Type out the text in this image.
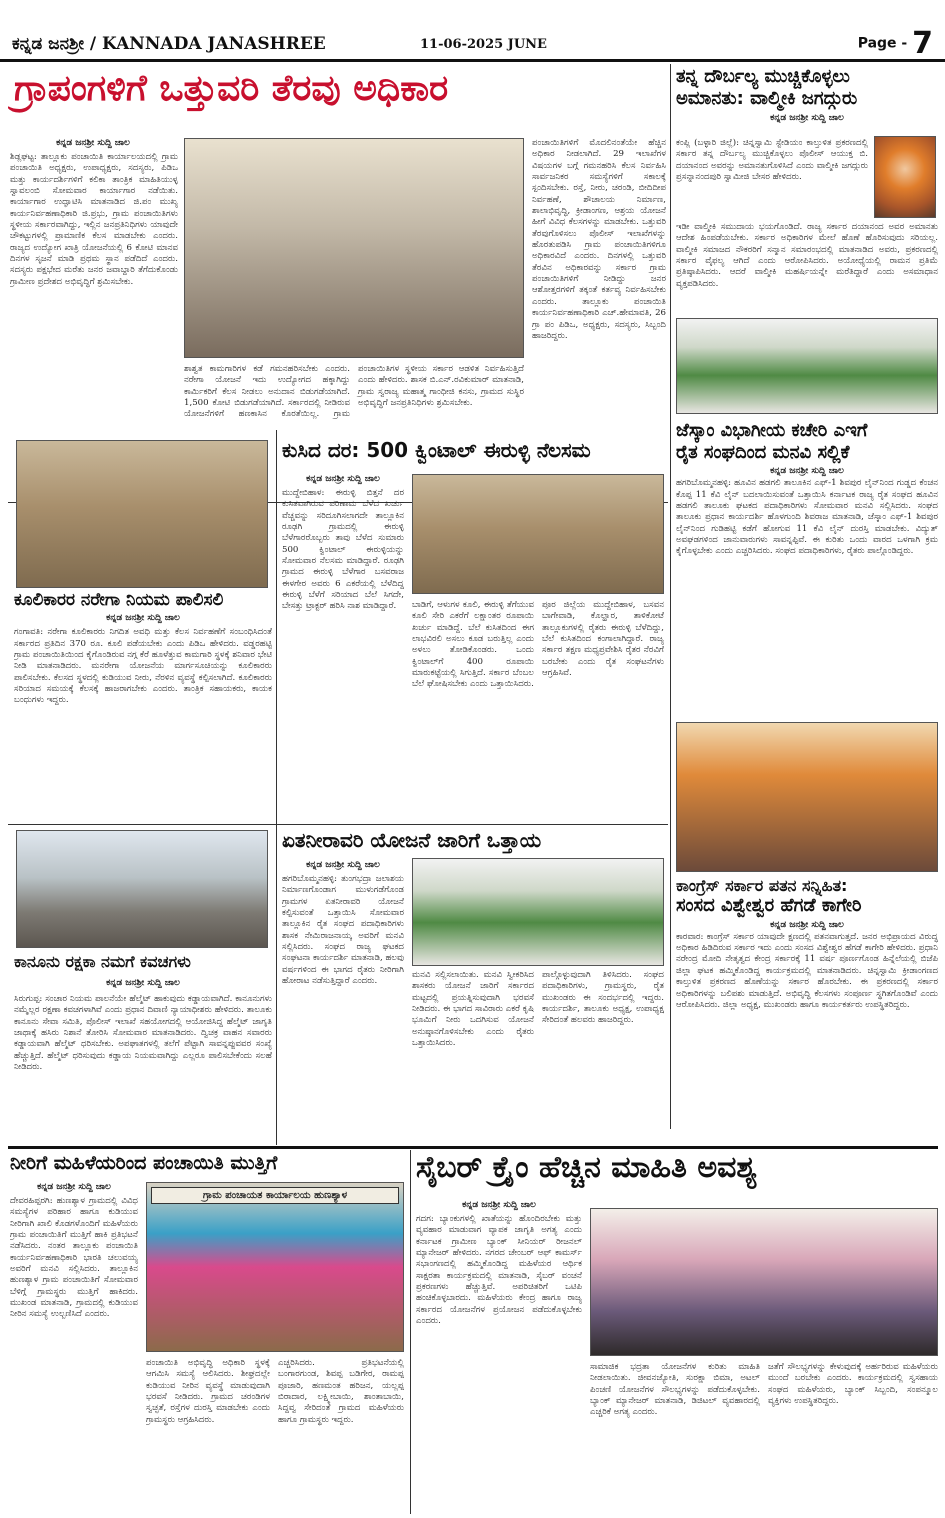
ಕನ್ನಡ ಜನಶ್ರೀ / KANNADA JANASHREE	11-06-2025 JUNE	Page - 7
ಗ್ರಾಪಂಗಳಿಗೆ ಒತ್ತುವರಿ ತೆರವು ಅಧಿಕಾರ
ಕನ್ನಡ ಜನಶ್ರೀ ಸುದ್ದಿ ಜಾಲ
ಶಿಡ್ಲಘಟ್ಟ: ತಾಲ್ಲೂಕು ಪಂಚಾಯಿತಿ ಕಾರ್ಯಾಲಯದಲ್ಲಿ ಗ್ರಾಮ ಪಂಚಾಯಿತಿ ಅಧ್ಯಕ್ಷರು, ಉಪಾಧ್ಯಕ್ಷರು, ಸದಸ್ಯರು, ಪಿಡಿಒ ಮತ್ತು ಕಾರ್ಯದರ್ಶಿಗಳಿಗೆ ಕಲಿಕಾ ತಾಂತ್ರಿಕ ಮಾಹಿತಿಯುಳ್ಳ ಸ್ವಾವಲಂಬಿ ಸೋಮವಾರ ಕಾರ್ಯಾಗಾರ ನಡೆಯಿತು. ಕಾರ್ಯಾಗಾರ ಉದ್ಘಾಟಿಸಿ ಮಾತನಾಡಿದ ಜಿ.ಪಂ ಮುಖ್ಯ ಕಾರ್ಯನಿರ್ವಹಣಾಧಿಕಾರಿ ಜಿ.ಪ್ರಭು, ಗ್ರಾಮ ಪಂಚಾಯಿತಿಗಳು ಸ್ಥಳೀಯ ಸರ್ಕಾರವಾಗಿದ್ದು, ಇಲ್ಲಿನ ಜನಪ್ರತಿನಿಧಿಗಳು ಯಾವುದೇ ಚೌಕಟ್ಟುಗಳಲ್ಲಿ ಪ್ರಾಮಾಣಿಕ ಕೆಲಸ ಮಾಡಬೇಕು ಎಂದರು. ರಾಜ್ಯದ ಉದ್ಯೋಗ ಖಾತ್ರಿ ಯೋಜನೆಯಲ್ಲಿ 6 ಕೋಟಿ ಮಾನವ ದಿನಗಳ ಸೃಜನೆ ಮಾಡಿ ಪ್ರಥಮ ಸ್ಥಾನ ಪಡೆದಿದೆ ಎಂದರು. ಸದಸ್ಯರು ಪಕ್ಷಭೇದ ಮರೆತು ಜನರ ಜವಾಬ್ದಾರಿ ತೆಗೆದುಕೊಂಡು ಗ್ರಾಮೀಣ ಪ್ರದೇಶದ ಅಭಿವೃದ್ಧಿಗೆ ಶ್ರಮಿಸಬೇಕು.
ಶಾಶ್ವತ ಕಾಮಗಾರಿಗಳ ಕಡೆ ಗಮನಹರಿಸಬೇಕು ಎಂದರು. ನರೇಗಾ ಯೋಜನೆ ಇದು ಉದ್ಯೋಗದ ಹಕ್ಕಾಗಿದ್ದು ಕಾರ್ಮಿಕರಿಗೆ ಕೆಲಸ ನೀಡಲು ಅನುದಾನ ಬಿಡುಗಡೆಯಾಗಿದೆ. 1,500 ಕೋಟಿ ಬಿಡುಗಡೆಯಾಗಿದೆ. ಸರ್ಕಾರದಲ್ಲಿ ನೀಡಿರುವ ಯೋಜನೆಗಳಿಗೆ ಹಣಕಾಸಿನ ಕೊರತೆಯಿಲ್ಲ. ಗ್ರಾಮ ಪಂಚಾಯಿತಿಗಳ ಸ್ಥಳೀಯ ಸರ್ಕಾರ ಆಡಳಿತ ನಿರ್ವಹಿಸುತ್ತಿದೆ ಎಂದು ಹೇಳಿದರು. ಶಾಸಕ ಬಿ.ಎನ್.ರವಿಕುಮಾರ್ ಮಾತನಾಡಿ, ಗ್ರಾಮ ಸ್ವರಾಜ್ಯ ಮಹಾತ್ಮ ಗಾಂಧೀಜಿ ಕನಸು, ಗ್ರಾಮದ ಸುಸ್ಥಿರ ಅಭಿವೃದ್ಧಿಗೆ ಜನಪ್ರತಿನಿಧಿಗಳು ಶ್ರಮಿಸಬೇಕು.
ಪಂಚಾಯಿತಿಗಳಿಗೆ ಮೊದಲಿನಂತೆಯೇ ಹೆಚ್ಚಿನ ಅಧಿಕಾರ ನೀಡಲಾಗಿದೆ. 29 ಇಲಾಖೆಗಳ ವಿಷಯಗಳ ಬಗ್ಗೆ ಗಮನಹರಿಸಿ ಕೆಲಸ ನಿರ್ವಹಿಸಿ ಸಾರ್ವಜನಿಕರ ಸಮಸ್ಯೆಗಳಿಗೆ ಸಕಾಲಕ್ಕೆ ಸ್ಪಂದಿಸಬೇಕು. ರಸ್ತೆ, ನೀರು, ಚರಂಡಿ, ಬೀದಿದೀಪ ನಿರ್ವಹಣೆ, ಶೌಚಾಲಯ ನಿರ್ಮಾಣ, ಶಾಲಾಭಿವೃದ್ಧಿ, ಕ್ರೀಡಾಂಗಣ, ಆಶ್ರಯ ಯೋಜನೆ ಹೀಗೆ ವಿವಿಧ ಕೆಲಸಗಳನ್ನು ಮಾಡಬೇಕು. ಒತ್ತುವರಿ ತೆರವುಗೊಳಿಸಲು ಪೊಲೀಸ್ ಇಲಾಖೆಗಳನ್ನು ಹೊರತುಪಡಿಸಿ ಗ್ರಾಮ ಪಂಚಾಯಿತಿಗಳಿಗೂ ಅಧಿಕಾರವಿದೆ ಎಂದರು. ದಿನಗಳಲ್ಲಿ ಒತ್ತುವರಿ ತೆರವಿನ ಅಧಿಕಾರವನ್ನು ಸರ್ಕಾರ ಗ್ರಾಮ ಪಂಚಾಯಿತಿಗಳಿಗೆ ನೀಡಿದ್ದು ಜನರ ಆಶೋತ್ತರಗಳಿಗೆ ತಕ್ಕಂತೆ ಕರ್ತವ್ಯ ನಿರ್ವಹಿಸಬೇಕು ಎಂದರು. ತಾಲ್ಲೂಕು ಪಂಚಾಯಿತಿ ಕಾರ್ಯನಿರ್ವಹಣಾಧಿಕಾರಿ ಎಚ್.ಹೇಮಾವತಿ, 26 ಗ್ರಾ ಪಂ ಪಿಡಿಒ, ಅಧ್ಯಕ್ಷರು, ಸದಸ್ಯರು, ಸಿಬ್ಬಂದಿ ಹಾಜರಿದ್ದರು.
ತನ್ನ ದೌರ್ಬಲ್ಯ ಮುಚ್ಚಿಕೊಳ್ಳಲು
ಅಮಾನತು: ವಾಲ್ಮೀಕಿ ಜಗದ್ಗುರು
ಕನ್ನಡ ಜನಶ್ರೀ ಸುದ್ದಿ ಜಾಲ
ಕಂಪ್ಲಿ (ಬಳ್ಳಾರಿ ಜಿಲ್ಲೆ): ಚಿನ್ನಸ್ವಾಮಿ ಸ್ಟೇಡಿಯಂ ಕಾಲ್ತುಳಿತ ಪ್ರಕರಣದಲ್ಲಿ ಸರ್ಕಾರ ತನ್ನ ದೌರ್ಬಲ್ಯ ಮುಚ್ಚಿಕೊಳ್ಳಲು ಪೊಲೀಸ್ ಆಯುಕ್ತ ಬಿ. ದಯಾನಂದ ಅವರನ್ನು ಅಮಾನತುಗೊಳಿಸಿದೆ ಎಂದು ವಾಲ್ಮೀಕಿ ಜಗದ್ಗುರು ಪ್ರಸನ್ನಾನಂದಪುರಿ ಸ್ವಾಮೀಜಿ ಬೇಸರ ಹೇಳಿದರು.
ಇಡೀ ವಾಲ್ಮೀಕಿ ಸಮುದಾಯ ಭಯಗೊಂಡಿದೆ. ರಾಜ್ಯ ಸರ್ಕಾರ ದಯಾನಂದ ಅವರ ಅಮಾನತು ಆದೇಶ ಹಿಂಪಡೆಯಬೇಕು. ಸರ್ಕಾರ ಅಧಿಕಾರಿಗಳ ಮೇಲೆ ಹೊಣೆ ಹೊರಿಸುವುದು ಸರಿಯಲ್ಲ. ವಾಲ್ಮೀಕಿ ಸಮಾಜದ ನೌಕರರಿಗೆ ಸನ್ಮಾನ ಸಮಾರಂಭದಲ್ಲಿ ಮಾತನಾಡಿದ ಅವರು, ಪ್ರಕರಣದಲ್ಲಿ ಸರ್ಕಾರ ವೈಫಲ್ಯ ಆಗಿದೆ ಎಂದು ಆರೋಪಿಸಿದರು. ಅಯೋಧ್ಯೆಯಲ್ಲಿ ರಾಮನ ಪ್ರತಿಮೆ ಪ್ರತಿಷ್ಠಾಪಿಸಿದರು. ಆದರೆ ವಾಲ್ಮೀಕಿ ಮಹರ್ಷಿಯನ್ನೇ ಮರೆತಿದ್ದಾರೆ ಎಂದು ಅಸಮಾಧಾನ ವ್ಯಕ್ತಪಡಿಸಿದರು.
ಜೆಸ್ಕಾಂ ವಿಭಾಗೀಯ ಕಚೇರಿ ಎಇಗೆ
ರೈತ ಸಂಘದಿಂದ ಮನವಿ ಸಲ್ಲಿಕೆ
ಕನ್ನಡ ಜನಶ್ರೀ ಸುದ್ದಿ ಜಾಲ
ಹಗರಿಬೊಮ್ಮನಹಳ್ಳಿ: ಹೂವಿನ ಹಡಗಲಿ ತಾಲೂಕಿನ ಎಫ್-1 ಶಿವಪುರ ಲೈನ್‌ನಿಂದ ಗುಡ್ಡದ ಕೆಂಚನ ಕೊಪ್ಪ 11 ಕೆವಿ ಲೈನ್ ಬದಲಾಯಿಸುವಂತೆ ಒತ್ತಾಯಿಸಿ ಕರ್ನಾಟಕ ರಾಜ್ಯ ರೈತ ಸಂಘದ ಹೂವಿನ ಹಡಗಲಿ ತಾಲೂಕು ಘಟಕದ ಪದಾಧಿಕಾರಿಗಳು ಸೋಮವಾರ ಮನವಿ ಸಲ್ಲಿಸಿದರು. ಸಂಘದ ತಾಲೂಕು ಪ್ರಧಾನ ಕಾರ್ಯದರ್ಶಿ ಹೊಳಗುಂದಿ ಶಿವರಾಜ ಮಾತನಾಡಿ, ಜೆಸ್ಕಾಂ ಎಫ್-1 ಶಿವಪುರ ಲೈನ್‌ನಿಂದ ಗುಡಿಹಟ್ಟಿ ಕಡೆಗೆ ಹೋಗುವ 11 ಕೆವಿ ಲೈನ್ ದುರಸ್ತಿ ಮಾಡಬೇಕು. ವಿದ್ಯುತ್ ಅವಘಡಗಳಿಂದ ಜಾನುವಾರುಗಳು ಸಾವನ್ನಪ್ಪಿವೆ. ಈ ಕುರಿತು ಒಂದು ವಾರದ ಒಳಗಾಗಿ ಕ್ರಮ ಕೈಗೊಳ್ಳಬೇಕು ಎಂದು ಎಚ್ಚರಿಸಿದರು. ಸಂಘದ ಪದಾಧಿಕಾರಿಗಳು, ರೈತರು ಪಾಲ್ಗೊಂಡಿದ್ದರು.
ಕಾಂಗ್ರೆಸ್ ಸರ್ಕಾರ ಪತನ ಸನ್ನಿಹಿತ:
ಸಂಸದ ವಿಶ್ವೇಶ್ವರ ಹೆಗಡೆ ಕಾಗೇರಿ
ಕನ್ನಡ ಜನಶ್ರೀ ಸುದ್ದಿ ಜಾಲ
ಕಾರವಾರ: ಕಾಂಗ್ರೆಸ್ ಸರ್ಕಾರ ಯಾವುದೇ ಕ್ಷಣದಲ್ಲಿ ಪತನವಾಗುತ್ತದೆ. ಜನರ ಅಭಿಪ್ರಾಯದ ವಿರುದ್ಧ ಅಧಿಕಾರ ಹಿಡಿದಿರುವ ಸರ್ಕಾರ ಇದು ಎಂದು ಸಂಸದ ವಿಶ್ವೇಶ್ವರ ಹೆಗಡೆ ಕಾಗೇರಿ ಹೇಳಿದರು. ಪ್ರಧಾನಿ ನರೇಂದ್ರ ಮೋದಿ ನೇತೃತ್ವದ ಕೇಂದ್ರ ಸರ್ಕಾರಕ್ಕೆ 11 ವರ್ಷ ಪೂರ್ಣಗೊಂಡ ಹಿನ್ನೆಲೆಯಲ್ಲಿ ಬಿಜೆಪಿ ಜಿಲ್ಲಾ ಘಟಕ ಹಮ್ಮಿಕೊಂಡಿದ್ದ ಕಾರ್ಯಕ್ರಮದಲ್ಲಿ ಮಾತನಾಡಿದರು. ಚಿನ್ನಸ್ವಾಮಿ ಕ್ರೀಡಾಂಗಣದ ಕಾಲ್ತುಳಿತ ಪ್ರಕರಣದ ಹೊಣೆಯನ್ನು ಸರ್ಕಾರ ಹೊರಬೇಕು. ಈ ಪ್ರಕರಣದಲ್ಲಿ ಸರ್ಕಾರ ಅಧಿಕಾರಿಗಳನ್ನು ಬಲಿಪಶು ಮಾಡುತ್ತಿದೆ. ಅಭಿವೃದ್ಧಿ ಕೆಲಸಗಳು ಸಂಪೂರ್ಣ ಸ್ಥಗಿತಗೊಂಡಿವೆ ಎಂದು ಆರೋಪಿಸಿದರು. ಜಿಲ್ಲಾ ಅಧ್ಯಕ್ಷ, ಮುಖಂಡರು ಹಾಗೂ ಕಾರ್ಯಕರ್ತರು ಉಪಸ್ಥಿತರಿದ್ದರು.
ಕೂಲಿಕಾರರ ನರೇಗಾ ನಿಯಮ ಪಾಲಿಸಲಿ
ಕನ್ನಡ ಜನಶ್ರೀ ಸುದ್ದಿ ಜಾಲ
ಗಂಗಾವತಿ: ನರೇಗಾ ಕೂಲಿಕಾರರು ನಿಗದಿತ ಅವಧಿ ಮತ್ತು ಕೆಲಸ ನಿರ್ವಹಣೆಗೆ ಸಂಬಂಧಿಸಿದಂತೆ ಸರ್ಕಾರದ ಪ್ರತಿದಿನ 370 ರೂ. ಕೂಲಿ ಪಡೆಯಬೇಕು ಎಂದು ಪಿಡಿಒ ಹೇಳಿದರು. ವಡ್ಡರಹಟ್ಟಿ ಗ್ರಾಮ ಪಂಚಾಯಿತಿಯಿಂದ ಕೈಗೊಂಡಿರುವ ನಗ್ಗ ಕೆರೆ ಹೂಳೆತ್ತುವ ಕಾಮಗಾರಿ ಸ್ಥಳಕ್ಕೆ ಶನಿವಾರ ಭೇಟಿ ನೀಡಿ ಮಾತನಾಡಿದರು. ಮನರೇಗಾ ಯೋಜನೆಯ ಮಾರ್ಗಸೂಚಿಯನ್ನು ಕೂಲಿಕಾರರು ಪಾಲಿಸಬೇಕು. ಕೆಲಸದ ಸ್ಥಳದಲ್ಲಿ ಕುಡಿಯುವ ನೀರು, ನೆರಳಿನ ವ್ಯವಸ್ಥೆ ಕಲ್ಪಿಸಲಾಗಿದೆ. ಕೂಲಿಕಾರರು ಸರಿಯಾದ ಸಮಯಕ್ಕೆ ಕೆಲಸಕ್ಕೆ ಹಾಜರಾಗಬೇಕು ಎಂದರು. ತಾಂತ್ರಿಕ ಸಹಾಯಕರು, ಕಾಯಕ ಬಂಧುಗಳು ಇದ್ದರು.
ಕುಸಿದ ದರ: 500 ಕ್ವಿಂಟಾಲ್ ಈರುಳ್ಳಿ ನೆಲಸಮ
ಕನ್ನಡ ಜನಶ್ರೀ ಸುದ್ದಿ ಜಾಲ
ಮುದ್ದೇಬಿಹಾಳ: ಈರುಳ್ಳಿ ಬಿತ್ತನೆ ದರ ಕುಸಿತವಾಗಿರುವ ಪರಿಣಾಮ ಬೆಳೆದ ಖರ್ಚು ವೆಚ್ಚವನ್ನು ಸರಿದೂಗಿಸಲಾಗದೇ ತಾಲ್ಲೂಕಿನ ರೂಢಗಿ ಗ್ರಾಮದಲ್ಲಿ ಈರುಳ್ಳಿ ಬೆಳೆಗಾರರೊಬ್ಬರು ತಾವು ಬೆಳೆದ ಸುಮಾರು 500 ಕ್ವಿಂಟಾಲ್ ಈರುಳ್ಳಿಯನ್ನು ಸೋಮವಾರ ನೆಲಸಮ ಮಾಡಿದ್ದಾರೆ. ರೂಢಗಿ ಗ್ರಾಮದ ಈರುಳ್ಳಿ ಬೆಳೆಗಾರ ಬಸವರಾಜ ಈಳಗೇರ ಅವರು 6 ಎಕರೆಯಲ್ಲಿ ಬೆಳೆದಿದ್ದ ಈರುಳ್ಳಿ ಬೆಳೆಗೆ ಸರಿಯಾದ ಬೆಲೆ ಸಿಗದೇ, ಬೇಸತ್ತು ಟ್ರಾಕ್ಟರ್ ಹರಿಸಿ ನಾಶ ಮಾಡಿದ್ದಾರೆ.	ಬಾಡಿಗೆ, ಆಳುಗಳ ಕೂಲಿ, ಈರುಳ್ಳಿ ತೆಗೆಯುವ ಕೂಲಿ ಸೇರಿ ಎಕರೆಗೆ ಲಕ್ಷಾಂತರ ರೂಪಾಯಿ ಖರ್ಚು ಮಾಡಿದ್ದೆ. ಬೆಲೆ ಕುಸಿತದಿಂದ ಈಗ ಲಾಭವಿರಲಿ ಅಸಲು ಕೂಡ ಬರುತ್ತಿಲ್ಲ ಎಂದು ಅಳಲು ತೋಡಿಕೊಂಡರು. ಒಂದು ಕ್ವಿಂಟಾಲ್‌ಗೆ 400 ರೂಪಾಯಿ ಮಾರುಕಟ್ಟೆಯಲ್ಲಿ ಸಿಗುತ್ತಿದೆ. ಸರ್ಕಾರ ಬೆಂಬಲ ಬೆಲೆ ಘೋಷಿಸಬೇಕು ಎಂದು ಒತ್ತಾಯಿಸಿದರು.
ಪೂರ ಜಿಲ್ಲೆಯ ಮುದ್ದೇಬಿಹಾಳ, ಬಸವನ ಬಾಗೇವಾಡಿ, ಕೊಲ್ಹಾರ, ತಾಳಿಕೋಟೆ ತಾಲ್ಲೂಕುಗಳಲ್ಲಿ ರೈತರು ಈರುಳ್ಳಿ ಬೆಳೆದಿದ್ದು, ಬೆಲೆ ಕುಸಿತದಿಂದ ಕಂಗಾಲಾಗಿದ್ದಾರೆ. ರಾಜ್ಯ ಸರ್ಕಾರ ತಕ್ಷಣ ಮಧ್ಯಪ್ರವೇಶಿಸಿ ರೈತರ ನೆರವಿಗೆ ಬರಬೇಕು ಎಂದು ರೈತ ಸಂಘಟನೆಗಳು ಆಗ್ರಹಿಸಿವೆ.
ಕಾನೂನು ರಕ್ಷಕಾ ನಮಗೆ ಕವಚಗಳು
ಕನ್ನಡ ಜನಶ್ರೀ ಸುದ್ದಿ ಜಾಲ
ಸಿರುಗುಪ್ಪ: ಸಂಚಾರ ನಿಯಮ ಪಾಲನೆಯೇ ಹೆಲ್ಮೆಟ್ ಹಾಕುವುದು ಕಡ್ಡಾಯವಾಗಿದೆ. ಕಾನೂನುಗಳು ನಮ್ಮೆಲ್ಲರ ರಕ್ಷಣಾ ಕವಚಗಳಾಗಿವೆ ಎಂದು ಪ್ರಧಾನ ದಿವಾಣಿ ನ್ಯಾಯಾಧೀಶರು ಹೇಳಿದರು. ತಾಲೂಕು ಕಾನೂನು ಸೇವಾ ಸಮಿತಿ, ಪೊಲೀಸ್ ಇಲಾಖೆ ಸಹಯೋಗದಲ್ಲಿ ಆಯೋಜಿಸಿದ್ದ ಹೆಲ್ಮೆಟ್ ಜಾಗೃತಿ ಜಾಥಾಕ್ಕೆ ಹಸಿರು ನಿಶಾನೆ ತೋರಿಸಿ ಸೋಮವಾರ ಮಾತನಾಡಿದರು. ದ್ವಿಚಕ್ರ ವಾಹನ ಸವಾರರು ಕಡ್ಡಾಯವಾಗಿ ಹೆಲ್ಮೆಟ್ ಧರಿಸಬೇಕು. ಅಪಘಾತಗಳಲ್ಲಿ ತಲೆಗೆ ಪೆಟ್ಟಾಗಿ ಸಾವನ್ನಪ್ಪುವವರ ಸಂಖ್ಯೆ ಹೆಚ್ಚುತ್ತಿದೆ. ಹೆಲ್ಮೆಟ್ ಧರಿಸುವುದು ಕಡ್ಡಾಯ ನಿಯಮವಾಗಿದ್ದು ಎಲ್ಲರೂ ಪಾಲಿಸಬೇಕೆಂದು ಸಲಹೆ ನೀಡಿದರು.
ಏತನೀರಾವರಿ ಯೋಜನೆ ಜಾರಿಗೆ ಒತ್ತಾಯ
ಕನ್ನಡ ಜನಶ್ರೀ ಸುದ್ದಿ ಜಾಲ
ಹಗರಿಬೊಮ್ಮನಹಳ್ಳಿ: ತುಂಗಭದ್ರಾ ಜಲಾಶಯ ನಿರ್ಮಾಣಗೊಂಡಾಗ ಮುಳುಗಡೆಗೊಂಡ ಗ್ರಾಮಗಳ ಏತನೀರಾವರಿ ಯೋಜನೆ ಕಲ್ಪಿಸುವಂತೆ ಒತ್ತಾಯಿಸಿ ಸೋಮವಾರ ತಾಲ್ಲೂಕಿನ ರೈತ ಸಂಘದ ಪದಾಧಿಕಾರಿಗಳು ಶಾಸಕ ನೇಮಿರಾಜನಾಯ್ಕ ಅವರಿಗೆ ಮನವಿ ಸಲ್ಲಿಸಿದರು. ಸಂಘದ ರಾಜ್ಯ ಘಟಕದ ಸಂಘಟನಾ ಕಾರ್ಯದರ್ಶಿ ಮಾತನಾಡಿ, ಹಲವು ವರ್ಷಗಳಿಂದ ಈ ಭಾಗದ ರೈತರು ನೀರಿಗಾಗಿ ಹೋರಾಟ ನಡೆಸುತ್ತಿದ್ದಾರೆ ಎಂದರು.
ಮನವಿ ಸಲ್ಲಿಸಲಾಯಿತು. ಮನವಿ ಸ್ವೀಕರಿಸಿದ ಶಾಸಕರು ಯೋಜನೆ ಜಾರಿಗೆ ಸರ್ಕಾರದ ಮಟ್ಟದಲ್ಲಿ ಪ್ರಯತ್ನಿಸುವುದಾಗಿ ಭರವಸೆ ನೀಡಿದರು. ಈ ಭಾಗದ ಸಾವಿರಾರು ಎಕರೆ ಕೃಷಿ ಭೂಮಿಗೆ ನೀರು ಒದಗಿಸುವ ಯೋಜನೆ ಅನುಷ್ಠಾನಗೊಳಿಸಬೇಕು ಎಂದು ರೈತರು ಒತ್ತಾಯಿಸಿದರು.
ಪಾಲ್ಗೊಳ್ಳುವುದಾಗಿ ತಿಳಿಸಿದರು. ಸಂಘದ ಪದಾಧಿಕಾರಿಗಳು, ಗ್ರಾಮಸ್ಥರು, ರೈತ ಮುಖಂಡರು ಈ ಸಂದರ್ಭದಲ್ಲಿ ಇದ್ದರು. ಕಾರ್ಯದರ್ಶಿ, ತಾಲೂಕು ಅಧ್ಯಕ್ಷ, ಉಪಾಧ್ಯಕ್ಷ ಸೇರಿದಂತೆ ಹಲವರು ಹಾಜರಿದ್ದರು.
ನೀರಿಗೆ ಮಹಿಳೆಯರಿಂದ ಪಂಚಾಯಿತಿ ಮುತ್ತಿಗೆ
ಕನ್ನಡ ಜನಶ್ರೀ ಸುದ್ದಿ ಜಾಲ
ದೇವರಹಿಪ್ಪರಗಿ: ಹುಣಶ್ಯಾಳ ಗ್ರಾಮದಲ್ಲಿ ವಿವಿಧ ಸಮಸ್ಯೆಗಳ ಪರಿಹಾರ ಹಾಗೂ ಕುಡಿಯುವ ನೀರಿಗಾಗಿ ಖಾಲಿ ಕೊಡಗಳೊಂದಿಗೆ ಮಹಿಳೆಯರು ಗ್ರಾಮ ಪಂಚಾಯಿತಿಗೆ ಮುತ್ತಿಗೆ ಹಾಕಿ ಪ್ರತಿಭಟನೆ ನಡೆಸಿದರು. ನಂತರ ತಾಲ್ಲೂಕು ಪಂಚಾಯಿತಿ ಕಾರ್ಯನಿರ್ವಹಣಾಧಿಕಾರಿ ಭಾರತಿ ಚಲುವಯ್ಯ ಅವರಿಗೆ ಮನವಿ ಸಲ್ಲಿಸಿದರು. ತಾಲ್ಲೂಕಿನ ಹುಣಶ್ಯಾಳ ಗ್ರಾಮ ಪಂಚಾಯಿತಿಗೆ ಸೋಮವಾರ ಬೆಳಿಗ್ಗೆ ಗ್ರಾಮಸ್ಥರು ಮುತ್ತಿಗೆ ಹಾಕಿದರು. ಮುಖಂಡ ಮಾತನಾಡಿ, ಗ್ರಾಮದಲ್ಲಿ ಕುಡಿಯುವ ನೀರಿನ ಸಮಸ್ಯೆ ಉಲ್ಬಣಿಸಿದೆ ಎಂದರು.
ಗ್ರಾಮ ಪಂಚಾಯತ ಕಾರ್ಯಾಲಯ ಹುಣಶ್ಯಾಳ
ಪಂಚಾಯಿತಿ ಅಭಿವೃದ್ಧಿ ಅಧಿಕಾರಿ ಸ್ಥಳಕ್ಕೆ ಆಗಮಿಸಿ ಸಮಸ್ಯೆ ಆಲಿಸಿದರು. ಶೀಘ್ರದಲ್ಲೇ ಕುಡಿಯುವ ನೀರಿನ ವ್ಯವಸ್ಥೆ ಮಾಡುವುದಾಗಿ ಭರವಸೆ ನೀಡಿದರು. ಗ್ರಾಮದ ಚರಂಡಿಗಳ ಸ್ವಚ್ಛತೆ, ರಸ್ತೆಗಳ ದುರಸ್ತಿ ಮಾಡಬೇಕು ಎಂದು ಗ್ರಾಮಸ್ಥರು ಆಗ್ರಹಿಸಿದರು.
ಎಚ್ಚರಿಸಿದರು. ಪ್ರತಿಭಟನೆಯಲ್ಲಿ ಬಂಗಾರಗುಂಡ, ಶಿವಪ್ಪ ಬಡಿಗೇರ, ರಾಮಪ್ಪ ಪೂಜಾರಿ, ಹಣಮಂತ ಹರಿಜನ, ಯಲ್ಲಪ್ಪ ಬಿರಾದಾರ, ಲಕ್ಷ್ಮೀಬಾಯಿ, ಶಾಂತಾಬಾಯಿ, ಸಿದ್ದವ್ವ ಸೇರಿದಂತೆ ಗ್ರಾಮದ ಮಹಿಳೆಯರು ಹಾಗೂ ಗ್ರಾಮಸ್ಥರು ಇದ್ದರು.
ಸೈಬರ್ ಕ್ರೈಂ ಹೆಚ್ಚಿನ ಮಾಹಿತಿ ಅವಶ್ಯ
ಕನ್ನಡ ಜನಶ್ರೀ ಸುದ್ದಿ ಜಾಲ
ಗದಗ: ಬ್ಯಾಂಕುಗಳಲ್ಲಿ ಖಾತೆಯನ್ನು ಹೊಂದಿರಬೇಕು ಮತ್ತು ವ್ಯವಹಾರ ಮಾಡುವಾಗ ವ್ಯಾಪಕ ಜಾಗೃತಿ ಅಗತ್ಯ ಎಂದು ಕರ್ನಾಟಕ ಗ್ರಾಮೀಣ ಬ್ಯಾಂಕ್ ಸೀನಿಯರ್ ರೀಜನಲ್ ಮ್ಯಾನೇಜರ್ ಹೇಳಿದರು. ನಗರದ ಚೇಂಬರ್ ಆಫ್ ಕಾಮರ್ಸ್ ಸಭಾಂಗಣದಲ್ಲಿ ಹಮ್ಮಿಕೊಂಡಿದ್ದ ಮಹಿಳೆಯರ ಆರ್ಥಿಕ ಸಾಕ್ಷರತಾ ಕಾರ್ಯಕ್ರಮದಲ್ಲಿ ಮಾತನಾಡಿ, ಸೈಬರ್ ವಂಚನೆ ಪ್ರಕರಣಗಳು ಹೆಚ್ಚುತ್ತಿವೆ. ಅಪರಿಚಿತರಿಗೆ ಒಟಿಪಿ ಹಂಚಿಕೊಳ್ಳಬಾರದು. ಮಹಿಳೆಯರು ಕೇಂದ್ರ ಹಾಗೂ ರಾಜ್ಯ ಸರ್ಕಾರದ ಯೋಜನೆಗಳ ಪ್ರಯೋಜನ ಪಡೆದುಕೊಳ್ಳಬೇಕು ಎಂದರು.
ಸಾಮಾಜಿಕ ಭದ್ರತಾ ಯೋಜನೆಗಳ ಕುರಿತು ಮಾಹಿತಿ ನೀಡಲಾಯಿತು. ಜೀವನಜ್ಯೋತಿ, ಸುರಕ್ಷಾ ಬಿಮಾ, ಅಟಲ್ ಪಿಂಚಣಿ ಯೋಜನೆಗಳ ಸೌಲಭ್ಯಗಳನ್ನು ಪಡೆದುಕೊಳ್ಳಬೇಕು. ಬ್ಯಾಂಕ್ ಮ್ಯಾನೇಜರ್ ಮಾತನಾಡಿ, ಡಿಜಿಟಲ್ ವ್ಯವಹಾರದಲ್ಲಿ ಎಚ್ಚರಿಕೆ ಅಗತ್ಯ ಎಂದರು.
ಜತೆಗೆ ಸೌಲಭ್ಯಗಳನ್ನು ಕೇಳುವುದಕ್ಕೆ ಅರ್ಹರಿರುವ ಮಹಿಳೆಯರು ಮುಂದೆ ಬರಬೇಕು ಎಂದರು. ಕಾರ್ಯಕ್ರಮದಲ್ಲಿ ಸ್ವಸಹಾಯ ಸಂಘದ ಮಹಿಳೆಯರು, ಬ್ಯಾಂಕ್ ಸಿಬ್ಬಂದಿ, ಸಂಪನ್ಮೂಲ ವ್ಯಕ್ತಿಗಳು ಉಪಸ್ಥಿತರಿದ್ದರು.
